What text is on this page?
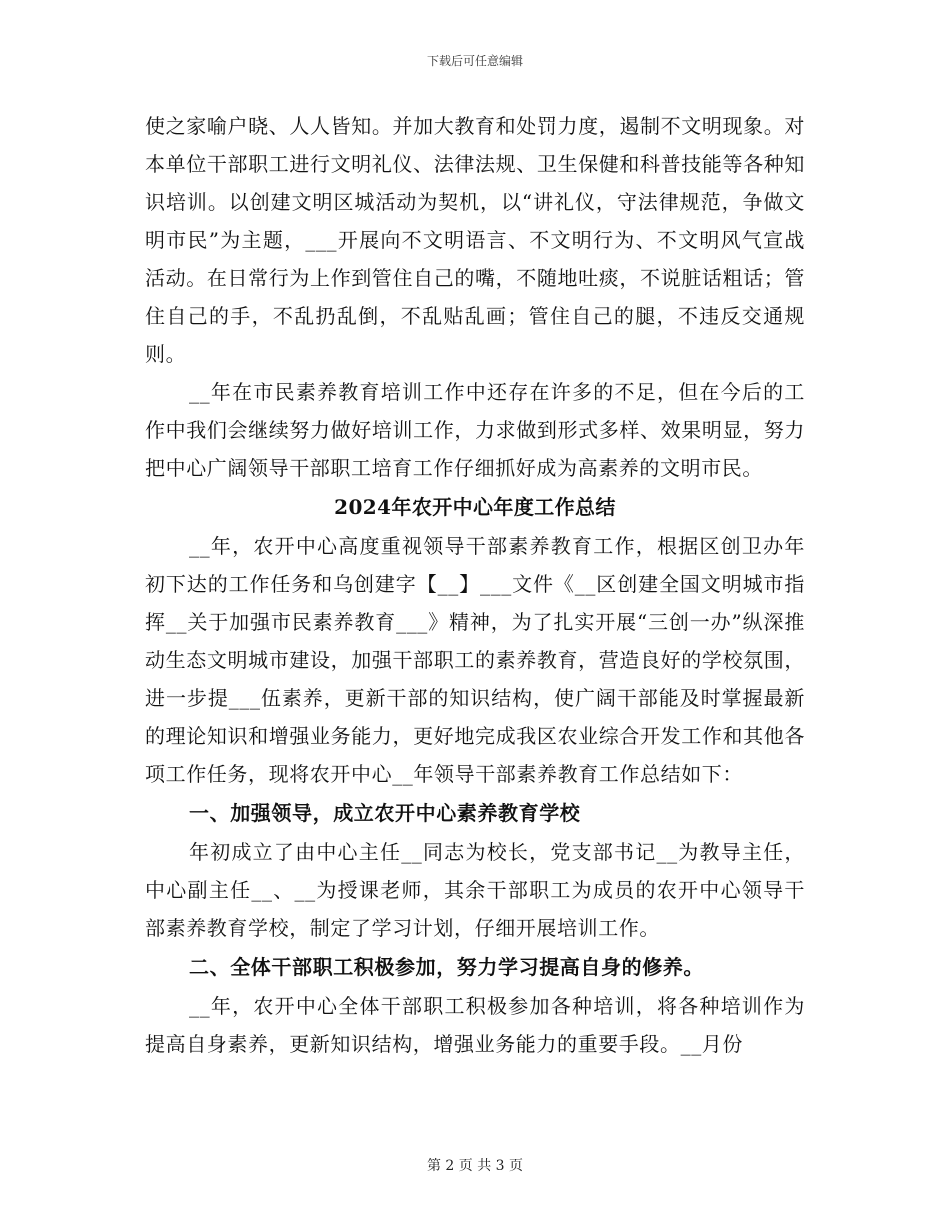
下载后可任意编辑

使之家喻户晓、人人皆知。并加大教育和处罚力度，遏制不文明现象。对本单位干部职工进行文明礼仪、法律法规、卫生保健和科普技能等各种知识培训。以创建文明区城活动为契机，以“讲礼仪，守法律规范，争做文明市民”为主题，___开展向不文明语言、不文明行为、不文明风气宣战活动。在日常行为上作到管住自己的嘴，不随地吐痰，不说脏话粗话；管住自己的手，不乱扔乱倒，不乱贴乱画；管住自己的腿，不违反交通规则。

__年在市民素养教育培训工作中还存在许多的不足，但在今后的工作中我们会继续努力做好培训工作，力求做到形式多样、效果明显，努力把中心广阔领导干部职工培育工作仔细抓好成为高素养的文明市民。

2024年农开中心年度工作总结

__年，农开中心高度重视领导干部素养教育工作，根据区创卫办年初下达的工作任务和乌创建字【__】___文件《__区创建全国文明城市指挥__关于加强市民素养教育___》精神，为了扎实开展“三创一办”纵深推动生态文明城市建设，加强干部职工的素养教育，营造良好的学校氛围，进一步提___伍素养，更新干部的知识结构，使广阔干部能及时掌握最新的理论知识和增强业务能力，更好地完成我区农业综合开发工作和其他各项工作任务，现将农开中心__年领导干部素养教育工作总结如下：

一、加强领导，成立农开中心素养教育学校

年初成立了由中心主任__同志为校长，党支部书记__为教导主任，中心副主任__、__为授课老师，其余干部职工为成员的农开中心领导干部素养教育学校，制定了学习计划，仔细开展培训工作。

二、全体干部职工积极参加，努力学习提高自身的修养。

__年，农开中心全体干部职工积极参加各种培训，将各种培训作为提高自身素养，更新知识结构，增强业务能力的重要手段。__月份

第 2 页 共 3 页
